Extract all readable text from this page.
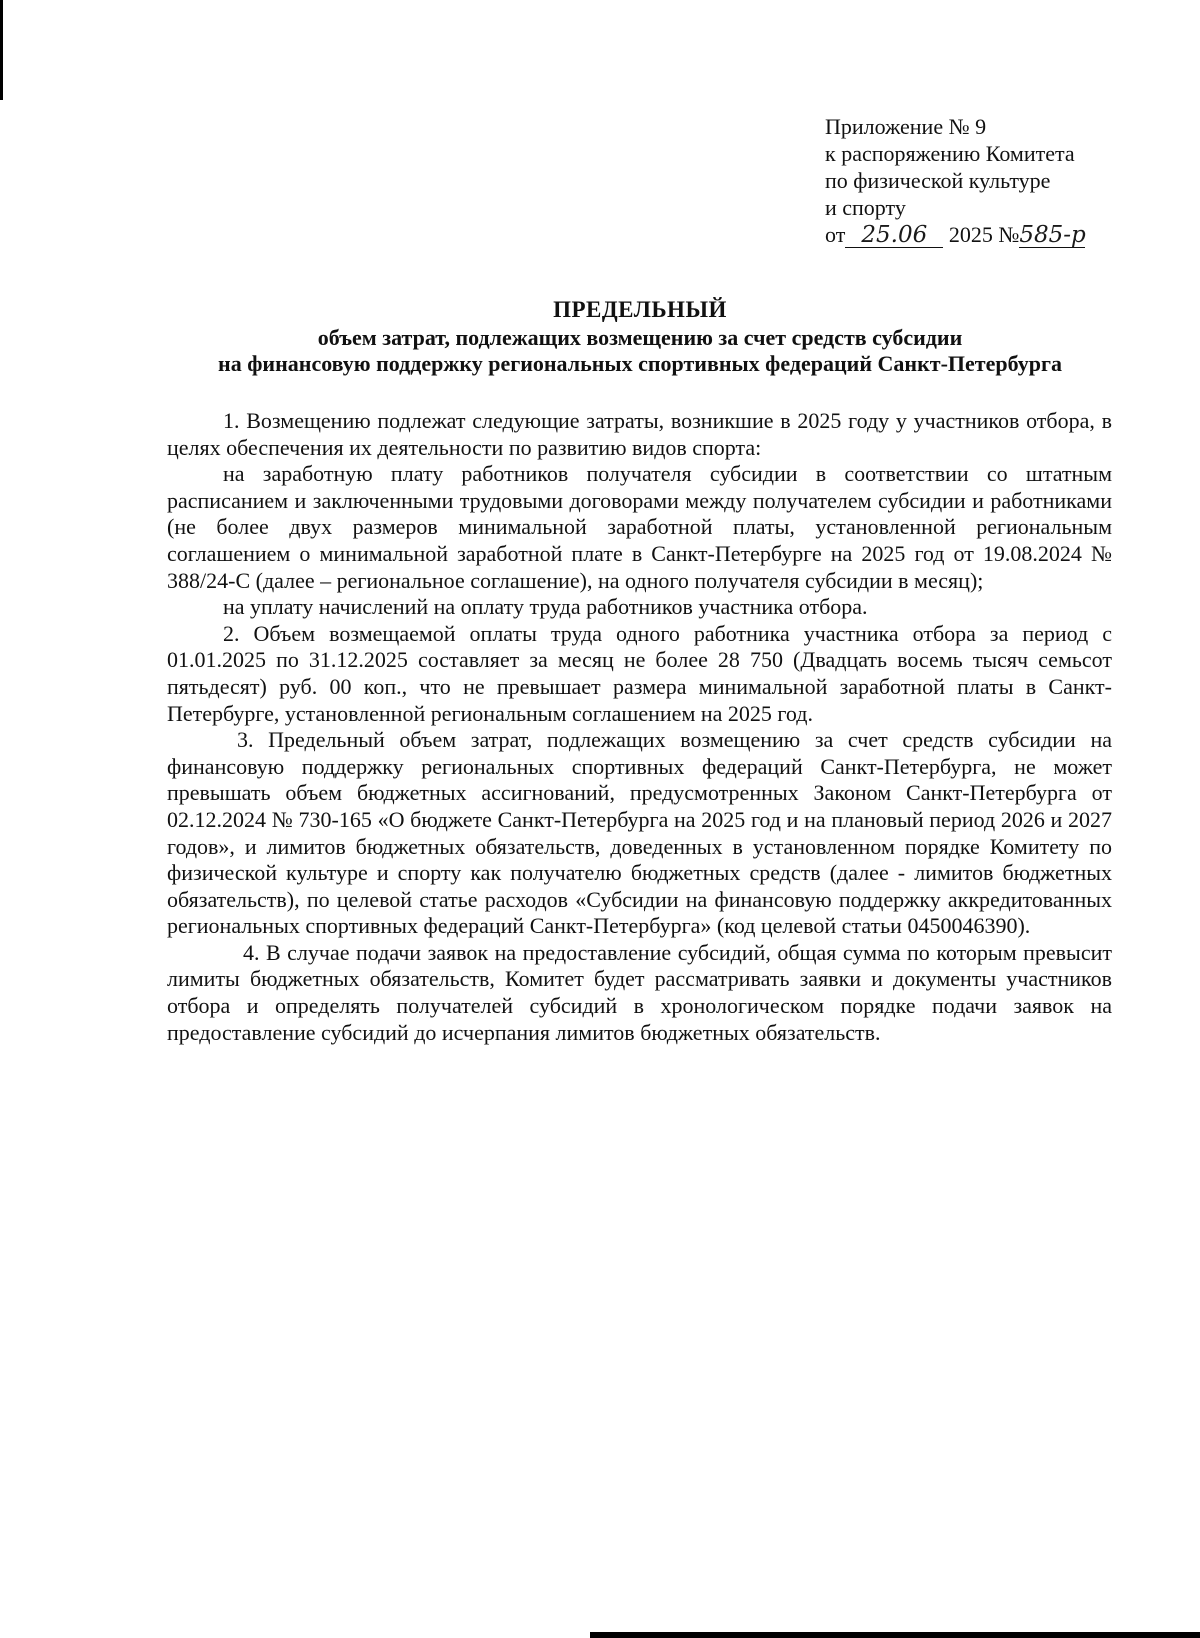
Приложение № 9
к распоряжению Комитета
по физической культуре
и спорту
от 25.06 2025 №585-р
ПРЕДЕЛЬНЫЙ
объем затрат, подлежащих возмещению за счет средств субсидии
на финансовую поддержку региональных спортивных федераций Санкт-Петербурга

1. Возмещению подлежат следующие затраты, возникшие в 2025 году у участников отбора, в целях обеспечения их деятельности по развитию видов спорта:

на заработную плату работников получателя субсидии в соответствии со штатным расписанием и заключенными трудовыми договорами между получателем субсидии и работниками (не более двух размеров минимальной заработной платы, установленной региональным соглашением о минимальной заработной плате в Санкт-Петербурге на 2025 год от 19.08.2024 № 388/24-С (далее – региональное соглашение), на одного получателя субсидии в месяц);

на уплату начислений на оплату труда работников участника отбора.

2. Объем возмещаемой оплаты труда одного работника участника отбора за период с 01.01.2025 по 31.12.2025 составляет за месяц не более 28 750 (Двадцать восемь тысяч семьсот пятьдесят) руб. 00 коп., что не превышает размера минимальной заработной платы в Санкт-Петербурге, установленной региональным соглашением на 2025 год.

3. Предельный объем затрат, подлежащих возмещению за счет средств субсидии на финансовую поддержку региональных спортивных федераций Санкт-Петербурга, не может превышать объем бюджетных ассигнований, предусмотренных Законом Санкт-Петербурга от 02.12.2024 № 730-165 «О бюджете Санкт-Петербурга на 2025 год и на плановый период 2026 и 2027 годов», и лимитов бюджетных обязательств, доведенных в установленном порядке Комитету по физической культуре и спорту как получателю бюджетных средств (далее - лимитов бюджетных обязательств), по целевой статье расходов «Субсидии на финансовую поддержку аккредитованных региональных спортивных федераций Санкт-Петербурга» (код целевой статьи 0450046390).

4. В случае подачи заявок на предоставление субсидий, общая сумма по которым превысит лимиты бюджетных обязательств, Комитет будет рассматривать заявки и документы участников отбора и определять получателей субсидий в хронологическом порядке подачи заявок на предоставление субсидий до исчерпания лимитов бюджетных обязательств.
